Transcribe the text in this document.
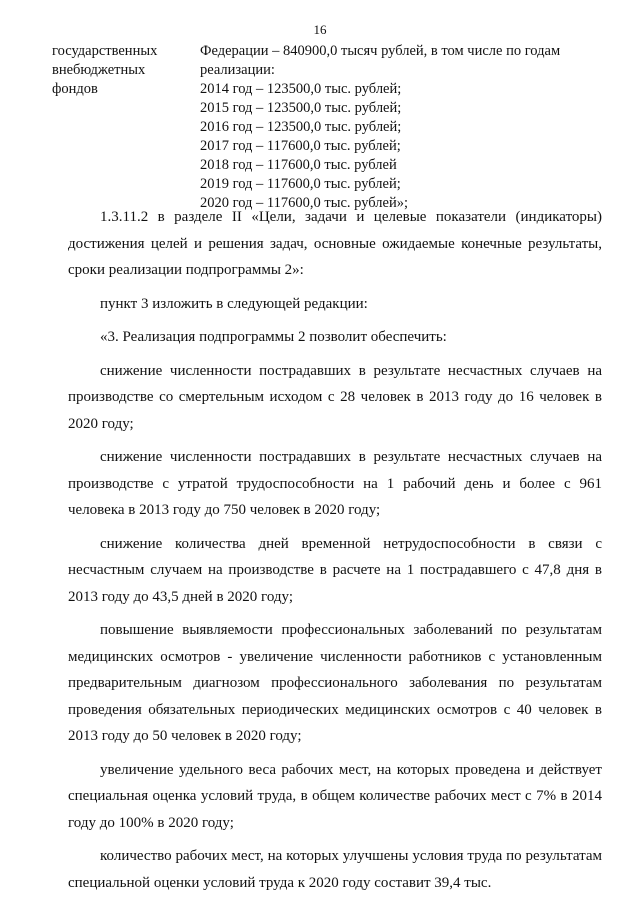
16
государственных
внебюджетных
фондов
Федерации – 840900,0 тысяч рублей, в том числе по годам
реализации:
2014 год – 123500,0 тыс. рублей;
2015 год – 123500,0 тыс. рублей;
2016 год – 123500,0 тыс. рублей;
2017 год – 117600,0 тыс. рублей;
2018 год – 117600,0 тыс. рублей
2019 год – 117600,0 тыс. рублей;
2020 год – 117600,0 тыс. рублей»;

1.3.11.2 в разделе II «Цели, задачи и целевые показатели (индикаторы) достижения целей и решения задач, основные ожидаемые конечные результаты, сроки реализации подпрограммы 2»:

пункт 3 изложить в следующей редакции:

«3. Реализация подпрограммы 2 позволит обеспечить:

снижение численности пострадавших в результате несчастных случаев на производстве со смертельным исходом с 28 человек в 2013 году до 16 человек в 2020 году;

снижение численности пострадавших в результате несчастных случаев на производстве с утратой трудоспособности на 1 рабочий день и более с 961 человека в 2013 году до 750 человек в 2020 году;

снижение количества дней временной нетрудоспособности в связи с несчастным случаем на производстве в расчете на 1 пострадавшего с 47,8 дня в 2013 году до 43,5 дней в 2020 году;

повышение выявляемости профессиональных заболеваний по результатам медицинских осмотров - увеличение численности работников с установленным предварительным диагнозом профессионального заболевания по результатам проведения обязательных периодических медицинских осмотров с 40 человек в 2013 году до 50 человек в 2020 году;

увеличение удельного веса рабочих мест, на которых проведена и действует специальная оценка условий труда, в общем количестве рабочих мест с 7% в 2014 году до 100% в 2020 году;

количество рабочих мест, на которых улучшены условия труда по результатам специальной оценки условий труда к 2020 году составит 39,4 тыс.
